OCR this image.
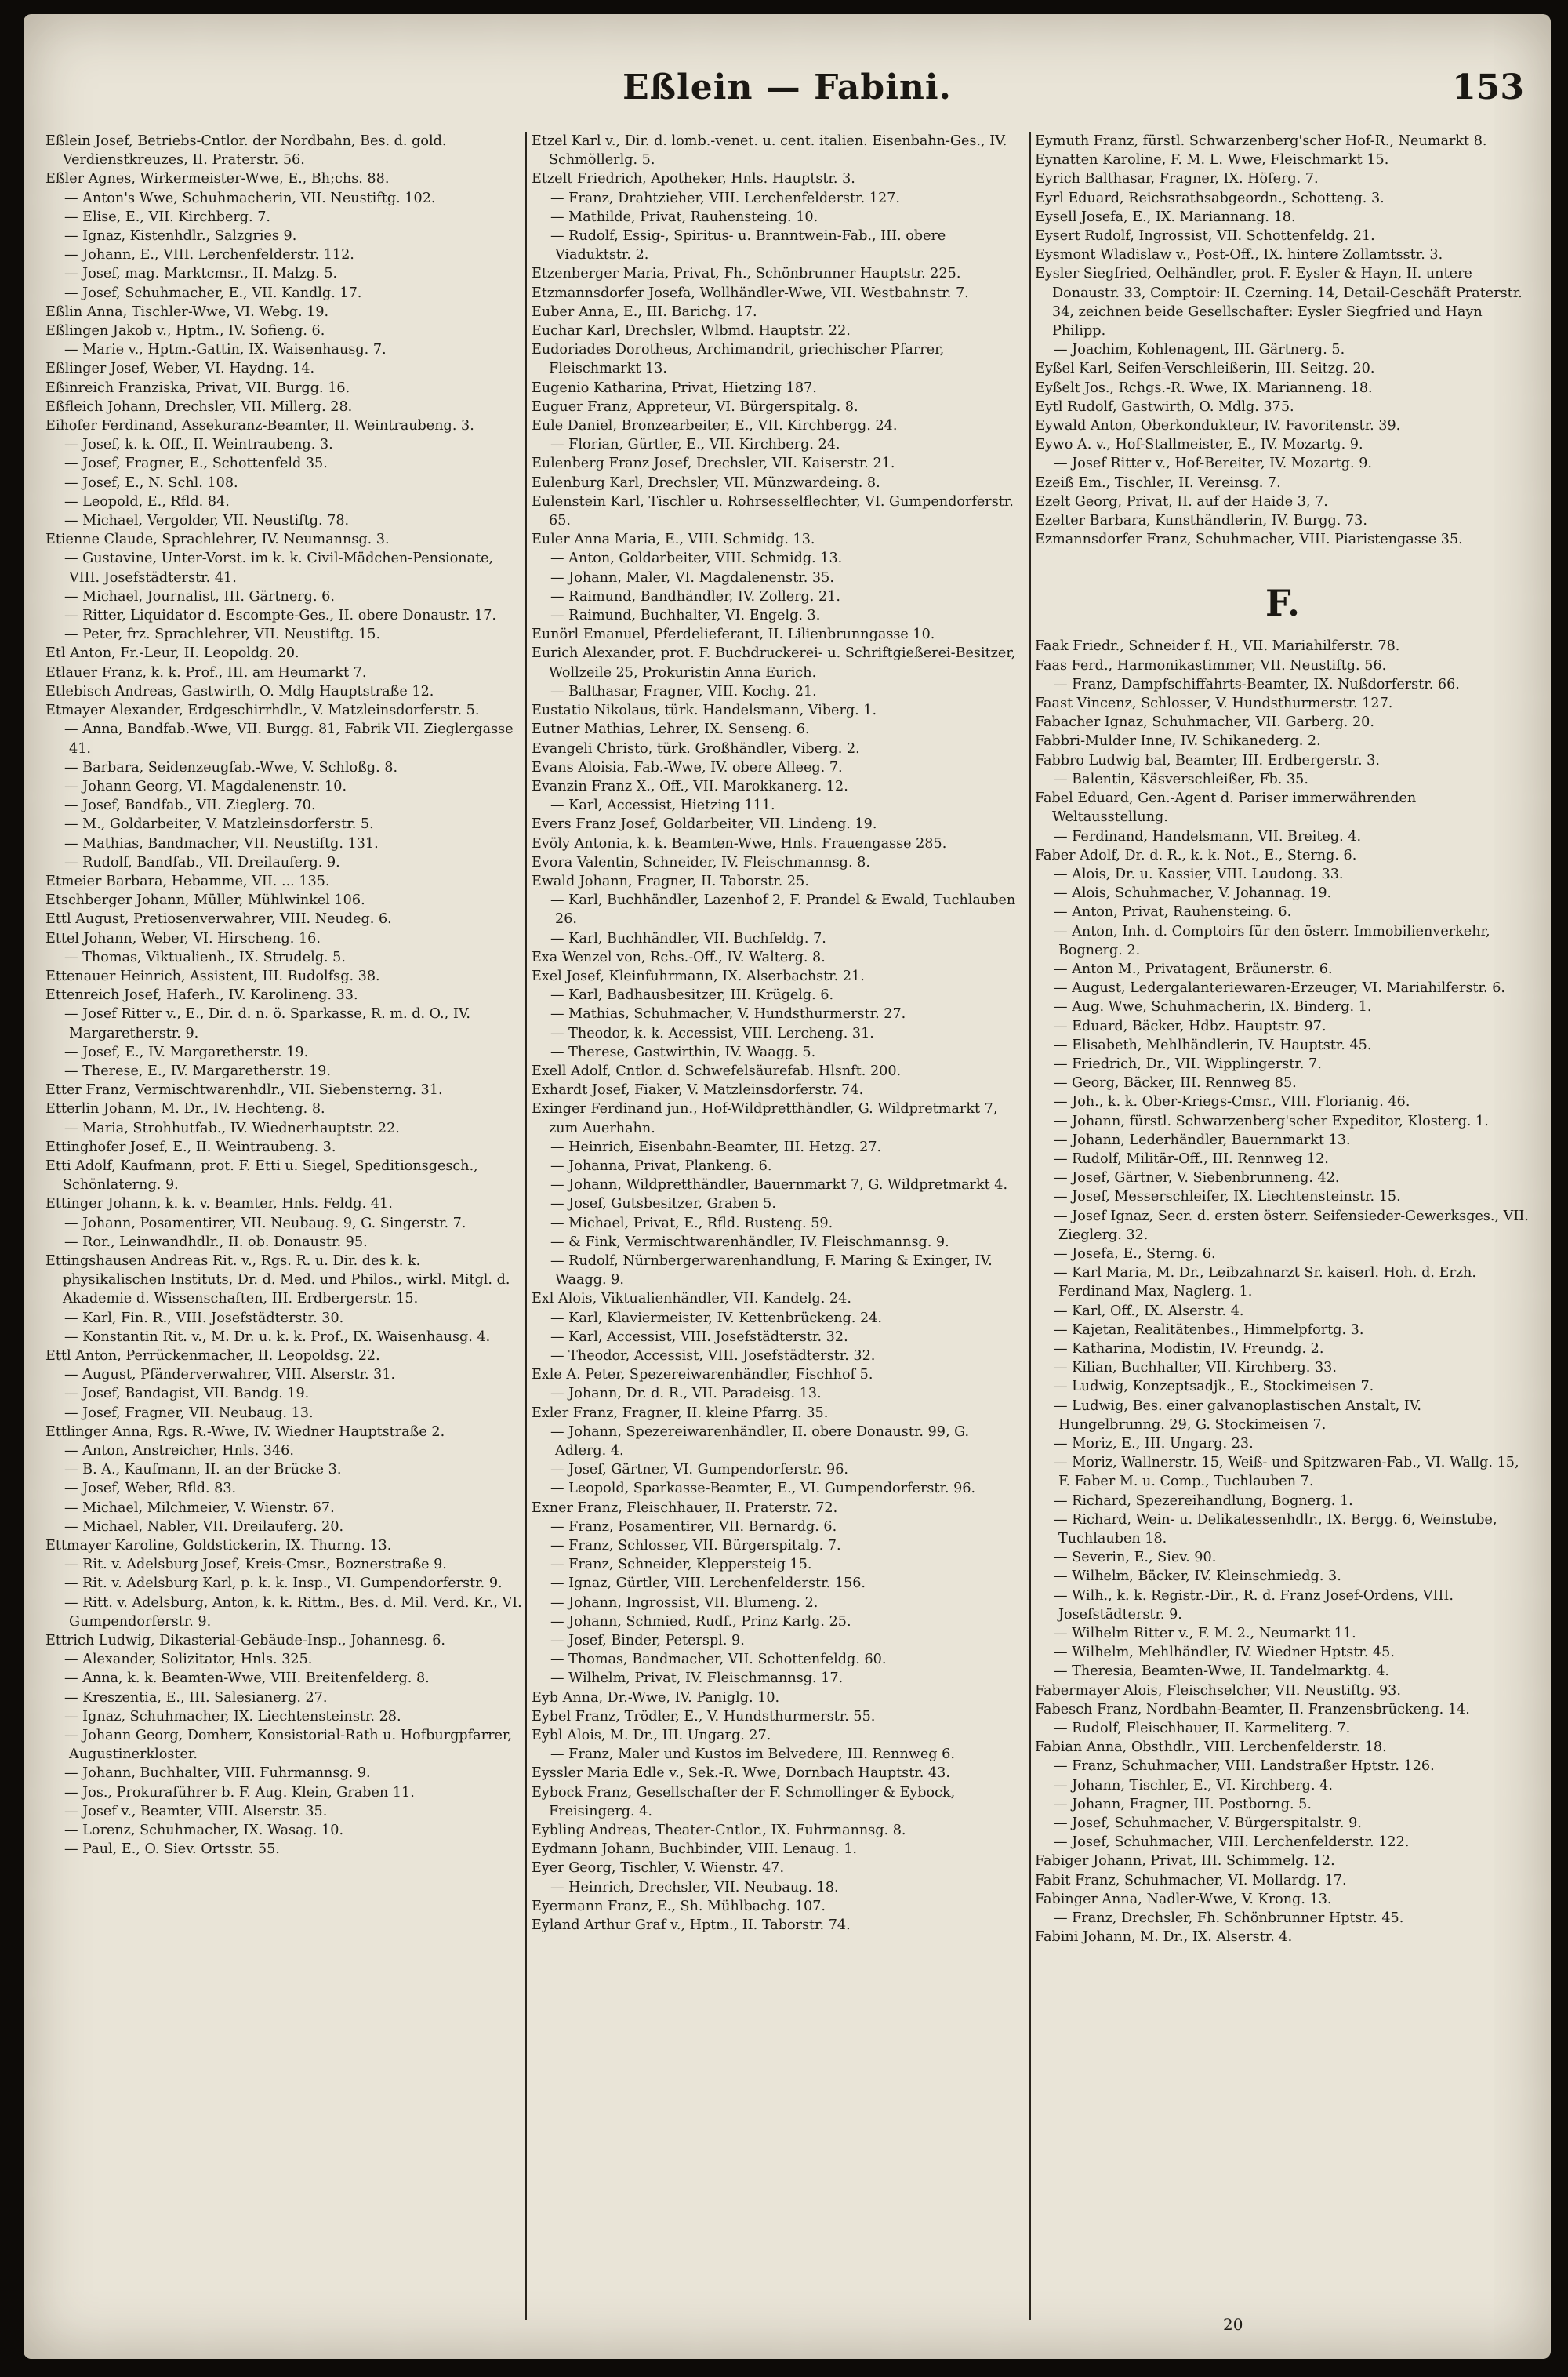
Eßlein — Fabini.	153

Eßlein Josef, Betriebs-Cntlor. der Nordbahn, Bes. d. gold. Verdienstkreuzes, II. Praterstr. 56.

Eßler Agnes, Wirkermeister-Wwe, E., Bh;chs. 88.

— Anton's Wwe, Schuhmacherin, VII. Neustiftg. 102.

— Elise, E., VII. Kirchberg. 7.

— Ignaz, Kistenhdlr., Salzgries 9.

— Johann, E., VIII. Lerchenfelderstr. 112.

— Josef, mag. Marktcmsr., II. Malzg. 5.

— Josef, Schuhmacher, E., VII. Kandlg. 17.

Eßlin Anna, Tischler-Wwe, VI. Webg. 19.

Eßlingen Jakob v., Hptm., IV. Sofieng. 6.

— Marie v., Hptm.-Gattin, IX. Waisenhausg. 7.

Eßlinger Josef, Weber, VI. Haydng. 14.

Eßinreich Franziska, Privat, VII. Burgg. 16.

Eßfleich Johann, Drechsler, VII. Millerg. 28.

Eihofer Ferdinand, Assekuranz-Beamter, II. Weintraubeng. 3.

— Josef, k. k. Off., II. Weintraubeng. 3.

— Josef, Fragner, E., Schottenfeld 35.

— Josef, E., N. Schl. 108.

— Leopold, E., Rfld. 84.

— Michael, Vergolder, VII. Neustiftg. 78.

Etienne Claude, Sprachlehrer, IV. Neumannsg. 3.

— Gustavine, Unter-Vorst. im k. k. Civil-Mädchen-Pensionate, VIII. Josefstädterstr. 41.

— Michael, Journalist, III. Gärtnerg. 6.

— Ritter, Liquidator d. Escompte-Ges., II. obere Donaustr. 17.

— Peter, frz. Sprachlehrer, VII. Neustiftg. 15.

Etl Anton, Fr.-Leur, II. Leopoldg. 20.

Etlauer Franz, k. k. Prof., III. am Heumarkt 7.

Etlebisch Andreas, Gastwirth, O. Mdlg Hauptstraße 12.

Etmayer Alexander, Erdgeschirrhdlr., V. Matzleinsdorferstr. 5.

— Anna, Bandfab.-Wwe, VII. Burgg. 81, Fabrik VII. Zieglergasse 41.

— Barbara, Seidenzeugfab.-Wwe, V. Schloßg. 8.

— Johann Georg, VI. Magdalenenstr. 10.

— Josef, Bandfab., VII. Zieglerg. 70.

— M., Goldarbeiter, V. Matzleinsdorferstr. 5.

— Mathias, Bandmacher, VII. Neustiftg. 131.

— Rudolf, Bandfab., VII. Dreilauferg. 9.

Etmeier Barbara, Hebamme, VII. ... 135.

Etschberger Johann, Müller, Mühlwinkel 106.

Ettl August, Pretiosenverwahrer, VIII. Neudeg. 6.

Ettel Johann, Weber, VI. Hirscheng. 16.

— Thomas, Viktualienh., IX. Strudelg. 5.

Ettenauer Heinrich, Assistent, III. Rudolfsg. 38.

Ettenreich Josef, Haferh., IV. Karolineng. 33.

— Josef Ritter v., E., Dir. d. n. ö. Sparkasse, R. m. d. O., IV. Margaretherstr. 9.

— Josef, E., IV. Margaretherstr. 19.

— Therese, E., IV. Margaretherstr. 19.

Etter Franz, Vermischtwarenhdlr., VII. Siebensterng. 31.

Etterlin Johann, M. Dr., IV. Hechteng. 8.

— Maria, Strohhutfab., IV. Wiednerhauptstr. 22.

Ettinghofer Josef, E., II. Weintraubeng. 3.

Etti Adolf, Kaufmann, prot. F. Etti u. Siegel, Speditionsgesch., Schönlaterng. 9.

Ettinger Johann, k. k. v. Beamter, Hnls. Feldg. 41.

— Johann, Posamentirer, VII. Neubaug. 9, G. Singerstr. 7.

— Ror., Leinwandhdlr., II. ob. Donaustr. 95.

Ettingshausen Andreas Rit. v., Rgs. R. u. Dir. des k. k. physikalischen Instituts, Dr. d. Med. und Philos., wirkl. Mitgl. d. Akademie d. Wissenschaften, III. Erdbergerstr. 15.

— Karl, Fin. R., VIII. Josefstädterstr. 30.

— Konstantin Rit. v., M. Dr. u. k. k. Prof., IX. Waisenhausg. 4.

Ettl Anton, Perrückenmacher, II. Leopoldsg. 22.

— August, Pfänderverwahrer, VIII. Alserstr. 31.

— Josef, Bandagist, VII. Bandg. 19.

— Josef, Fragner, VII. Neubaug. 13.

Ettlinger Anna, Rgs. R.-Wwe, IV. Wiedner Hauptstraße 2.

— Anton, Anstreicher, Hnls. 346.

— B. A., Kaufmann, II. an der Brücke 3.

— Josef, Weber, Rfld. 83.

— Michael, Milchmeier, V. Wienstr. 67.

— Michael, Nabler, VII. Dreilauferg. 20.

Ettmayer Karoline, Goldstickerin, IX. Thurng. 13.

— Rit. v. Adelsburg Josef, Kreis-Cmsr., Boznerstraße 9.

— Rit. v. Adelsburg Karl, p. k. k. Insp., VI. Gumpendorferstr. 9.

— Ritt. v. Adelsburg, Anton, k. k. Rittm., Bes. d. Mil. Verd. Kr., VI. Gumpendorferstr. 9.

Ettrich Ludwig, Dikasterial-Gebäude-Insp., Johannesg. 6.

— Alexander, Solizitator, Hnls. 325.

— Anna, k. k. Beamten-Wwe, VIII. Breitenfelderg. 8.

— Kreszentia, E., III. Salesianerg. 27.

— Ignaz, Schuhmacher, IX. Liechtensteinstr. 28.

— Johann Georg, Domherr, Konsistorial-Rath u. Hofburgpfarrer, Augustinerkloster.

— Johann, Buchhalter, VIII. Fuhrmannsg. 9.

— Jos., Prokuraführer b. F. Aug. Klein, Graben 11.

— Josef v., Beamter, VIII. Alserstr. 35.

— Lorenz, Schuhmacher, IX. Wasag. 10.

— Paul, E., O. Siev. Ortsstr. 55.

Etzel Karl v., Dir. d. lomb.-venet. u. cent. italien. Eisenbahn-Ges., IV. Schmöllerlg. 5.

Etzelt Friedrich, Apotheker, Hnls. Hauptstr. 3.

— Franz, Drahtzieher, VIII. Lerchenfelderstr. 127.

— Mathilde, Privat, Rauhensteing. 10.

— Rudolf, Essig-, Spiritus- u. Branntwein-Fab., III. obere Viaduktstr. 2.

Etzenberger Maria, Privat, Fh., Schönbrunner Hauptstr. 225.

Etzmannsdorfer Josefa, Wollhändler-Wwe, VII. Westbahnstr. 7.

Euber Anna, E., III. Barichg. 17.

Euchar Karl, Drechsler, Wlbmd. Hauptstr. 22.

Eudoriades Dorotheus, Archimandrit, griechischer Pfarrer, Fleischmarkt 13.

Eugenio Katharina, Privat, Hietzing 187.

Euguer Franz, Appreteur, VI. Bürgerspitalg. 8.

Eule Daniel, Bronzearbeiter, E., VII. Kirchbergg. 24.

— Florian, Gürtler, E., VII. Kirchberg. 24.

Eulenberg Franz Josef, Drechsler, VII. Kaiserstr. 21.

Eulenburg Karl, Drechsler, VII. Münzwardeing. 8.

Eulenstein Karl, Tischler u. Rohrsesselflechter, VI. Gumpendorferstr. 65.

Euler Anna Maria, E., VIII. Schmidg. 13.

— Anton, Goldarbeiter, VIII. Schmidg. 13.

— Johann, Maler, VI. Magdalenenstr. 35.

— Raimund, Bandhändler, IV. Zollerg. 21.

— Raimund, Buchhalter, VI. Engelg. 3.

Eunörl Emanuel, Pferdelieferant, II. Lilienbrunngasse 10.

Eurich Alexander, prot. F. Buchdruckerei- u. Schriftgießerei-Besitzer, Wollzeile 25, Prokuristin Anna Eurich.

— Balthasar, Fragner, VIII. Kochg. 21.

Eustatio Nikolaus, türk. Handelsmann, Viberg. 1.

Eutner Mathias, Lehrer, IX. Senseng. 6.

Evangeli Christo, türk. Großhändler, Viberg. 2.

Evans Aloisia, Fab.-Wwe, IV. obere Alleeg. 7.

Evanzin Franz X., Off., VII. Marokkanerg. 12.

— Karl, Accessist, Hietzing 111.

Evers Franz Josef, Goldarbeiter, VII. Lindeng. 19.

Evöly Antonia, k. k. Beamten-Wwe, Hnls. Frauengasse 285.

Evora Valentin, Schneider, IV. Fleischmannsg. 8.

Ewald Johann, Fragner, II. Taborstr. 25.

— Karl, Buchhändler, Lazenhof 2, F. Prandel & Ewald, Tuchlauben 26.

— Karl, Buchhändler, VII. Buchfeldg. 7.

Exa Wenzel von, Rchs.-Off., IV. Walterg. 8.

Exel Josef, Kleinfuhrmann, IX. Alserbachstr. 21.

— Karl, Badhausbesitzer, III. Krügelg. 6.

— Mathias, Schuhmacher, V. Hundsthurmerstr. 27.

— Theodor, k. k. Accessist, VIII. Lercheng. 31.

— Therese, Gastwirthin, IV. Waagg. 5.

Exell Adolf, Cntlor. d. Schwefelsäurefab. Hlsnft. 200.

Exhardt Josef, Fiaker, V. Matzleinsdorferstr. 74.

Exinger Ferdinand jun., Hof-Wildpretthändler, G. Wildpretmarkt 7, zum Auerhahn.

— Heinrich, Eisenbahn-Beamter, III. Hetzg. 27.

— Johanna, Privat, Plankeng. 6.

— Johann, Wildpretthändler, Bauernmarkt 7, G. Wildpretmarkt 4.

— Josef, Gutsbesitzer, Graben 5.

— Michael, Privat, E., Rfld. Rusteng. 59.

— & Fink, Vermischtwarenhändler, IV. Fleischmannsg. 9.

— Rudolf, Nürnbergerwarenhandlung, F. Maring & Exinger, IV. Waagg. 9.

Exl Alois, Viktualienhändler, VII. Kandelg. 24.

— Karl, Klaviermeister, IV. Kettenbrückeng. 24.

— Karl, Accessist, VIII. Josefstädterstr. 32.

— Theodor, Accessist, VIII. Josefstädterstr. 32.

Exle A. Peter, Spezereiwarenhändler, Fischhof 5.

— Johann, Dr. d. R., VII. Paradeisg. 13.

Exler Franz, Fragner, II. kleine Pfarrg. 35.

— Johann, Spezereiwarenhändler, II. obere Donaustr. 99, G. Adlerg. 4.

— Josef, Gärtner, VI. Gumpendorferstr. 96.

— Leopold, Sparkasse-Beamter, E., VI. Gumpendorferstr. 96.

Exner Franz, Fleischhauer, II. Praterstr. 72.

— Franz, Posamentirer, VII. Bernardg. 6.

— Franz, Schlosser, VII. Bürgerspitalg. 7.

— Franz, Schneider, Kleppersteig 15.

— Ignaz, Gürtler, VIII. Lerchenfelderstr. 156.

— Johann, Ingrossist, VII. Blumeng. 2.

— Johann, Schmied, Rudf., Prinz Karlg. 25.

— Josef, Binder, Peterspl. 9.

— Thomas, Bandmacher, VII. Schottenfeldg. 60.

— Wilhelm, Privat, IV. Fleischmannsg. 17.

Eyb Anna, Dr.-Wwe, IV. Paniglg. 10.

Eybel Franz, Trödler, E., V. Hundsthurmerstr. 55.

Eybl Alois, M. Dr., III. Ungarg. 27.

— Franz, Maler und Kustos im Belvedere, III. Rennweg 6.

Eyssler Maria Edle v., Sek.-R. Wwe, Dornbach Hauptstr. 43.

Eybock Franz, Gesellschafter der F. Schmollinger & Eybock, Freisingerg. 4.

Eybling Andreas, Theater-Cntlor., IX. Fuhrmannsg. 8.

Eydmann Johann, Buchbinder, VIII. Lenaug. 1.

Eyer Georg, Tischler, V. Wienstr. 47.

— Heinrich, Drechsler, VII. Neubaug. 18.

Eyermann Franz, E., Sh. Mühlbachg. 107.

Eyland Arthur Graf v., Hptm., II. Taborstr. 74.

Eymuth Franz, fürstl. Schwarzenberg'scher Hof-R., Neumarkt 8.

Eynatten Karoline, F. M. L. Wwe, Fleischmarkt 15.

Eyrich Balthasar, Fragner, IX. Höferg. 7.

Eyrl Eduard, Reichsrathsabgeordn., Schotteng. 3.

Eysell Josefa, E., IX. Mariannang. 18.

Eysert Rudolf, Ingrossist, VII. Schottenfeldg. 21.

Eysmont Wladislaw v., Post-Off., IX. hintere Zollamtsstr. 3.

Eysler Siegfried, Oelhändler, prot. F. Eysler & Hayn, II. untere Donaustr. 33, Comptoir: II. Czerning. 14, Detail-Geschäft Praterstr. 34, zeichnen beide Gesellschafter: Eysler Siegfried und Hayn Philipp.

— Joachim, Kohlenagent, III. Gärtnerg. 5.

Eyßel Karl, Seifen-Verschleißerin, III. Seitzg. 20.

Eyßelt Jos., Rchgs.-R. Wwe, IX. Marianneng. 18.

Eytl Rudolf, Gastwirth, O. Mdlg. 375.

Eywald Anton, Oberkondukteur, IV. Favoritenstr. 39.

Eywo A. v., Hof-Stallmeister, E., IV. Mozartg. 9.

— Josef Ritter v., Hof-Bereiter, IV. Mozartg. 9.

Ezeiß Em., Tischler, II. Vereinsg. 7.

Ezelt Georg, Privat, II. auf der Haide 3, 7.

Ezelter Barbara, Kunsthändlerin, IV. Burgg. 73.

Ezmannsdorfer Franz, Schuhmacher, VIII. Piaristengasse 35.

F.

Faak Friedr., Schneider f. H., VII. Mariahilferstr. 78.

Faas Ferd., Harmonikastimmer, VII. Neustiftg. 56.

— Franz, Dampfschiffahrts-Beamter, IX. Nußdorferstr. 66.

Faast Vincenz, Schlosser, V. Hundsthurmerstr. 127.

Fabacher Ignaz, Schuhmacher, VII. Garberg. 20.

Fabbri-Mulder Inne, IV. Schikanederg. 2.

Fabbro Ludwig bal, Beamter, III. Erdbergerstr. 3.

— Balentin, Käsverschleißer, Fb. 35.

Fabel Eduard, Gen.-Agent d. Pariser immerwährenden Weltausstellung.

— Ferdinand, Handelsmann, VII. Breiteg. 4.

Faber Adolf, Dr. d. R., k. k. Not., E., Sterng. 6.

— Alois, Dr. u. Kassier, VIII. Laudong. 33.

— Alois, Schuhmacher, V. Johannag. 19.

— Anton, Privat, Rauhensteing. 6.

— Anton, Inh. d. Comptoirs für den österr. Immobilienverkehr, Bognerg. 2.

— Anton M., Privatagent, Bräunerstr. 6.

— August, Ledergalanteriewaren-Erzeuger, VI. Mariahilferstr. 6.

— Aug. Wwe, Schuhmacherin, IX. Binderg. 1.

— Eduard, Bäcker, Hdbz. Hauptstr. 97.

— Elisabeth, Mehlhändlerin, IV. Hauptstr. 45.

— Friedrich, Dr., VII. Wipplingerstr. 7.

— Georg, Bäcker, III. Rennweg 85.

— Joh., k. k. Ober-Kriegs-Cmsr., VIII. Florianig. 46.

— Johann, fürstl. Schwarzenberg'scher Expeditor, Klosterg. 1.

— Johann, Lederhändler, Bauernmarkt 13.

— Rudolf, Militär-Off., III. Rennweg 12.

— Josef, Gärtner, V. Siebenbrunneng. 42.

— Josef, Messerschleifer, IX. Liechtensteinstr. 15.

— Josef Ignaz, Secr. d. ersten österr. Seifensieder-Gewerksges., VII. Zieglerg. 32.

— Josefa, E., Sterng. 6.

— Karl Maria, M. Dr., Leibzahnarzt Sr. kaiserl. Hoh. d. Erzh. Ferdinand Max, Naglerg. 1.

— Karl, Off., IX. Alserstr. 4.

— Kajetan, Realitätenbes., Himmelpfortg. 3.

— Katharina, Modistin, IV. Freundg. 2.

— Kilian, Buchhalter, VII. Kirchberg. 33.

— Ludwig, Konzeptsadjk., E., Stockimeisen 7.

— Ludwig, Bes. einer galvanoplastischen Anstalt, IV. Hungelbrunng. 29, G. Stockimeisen 7.

— Moriz, E., III. Ungarg. 23.

— Moriz, Wallnerstr. 15, Weiß- und Spitzwaren-Fab., VI. Wallg. 15, F. Faber M. u. Comp., Tuchlauben 7.

— Richard, Spezereihandlung, Bognerg. 1.

— Richard, Wein- u. Delikatessenhdlr., IX. Bergg. 6, Weinstube, Tuchlauben 18.

— Severin, E., Siev. 90.

— Wilhelm, Bäcker, IV. Kleinschmiedg. 3.

— Wilh., k. k. Registr.-Dir., R. d. Franz Josef-Ordens, VIII. Josefstädterstr. 9.

— Wilhelm Ritter v., F. M. 2., Neumarkt 11.

— Wilhelm, Mehlhändler, IV. Wiedner Hptstr. 45.

— Theresia, Beamten-Wwe, II. Tandelmarktg. 4.

Fabermayer Alois, Fleischselcher, VII. Neustiftg. 93.

Fabesch Franz, Nordbahn-Beamter, II. Franzensbrückeng. 14.

— Rudolf, Fleischhauer, II. Karmeliterg. 7.

Fabian Anna, Obsthdlr., VIII. Lerchenfelderstr. 18.

— Franz, Schuhmacher, VIII. Landstraßer Hptstr. 126.

— Johann, Tischler, E., VI. Kirchberg. 4.

— Johann, Fragner, III. Postborng. 5.

— Josef, Schuhmacher, V. Bürgerspitalstr. 9.

— Josef, Schuhmacher, VIII. Lerchenfelderstr. 122.

Fabiger Johann, Privat, III. Schimmelg. 12.

Fabit Franz, Schuhmacher, VI. Mollardg. 17.

Fabinger Anna, Nadler-Wwe, V. Krong. 13.

— Franz, Drechsler, Fh. Schönbrunner Hptstr. 45.

Fabini Johann, M. Dr., IX. Alserstr. 4.

20
